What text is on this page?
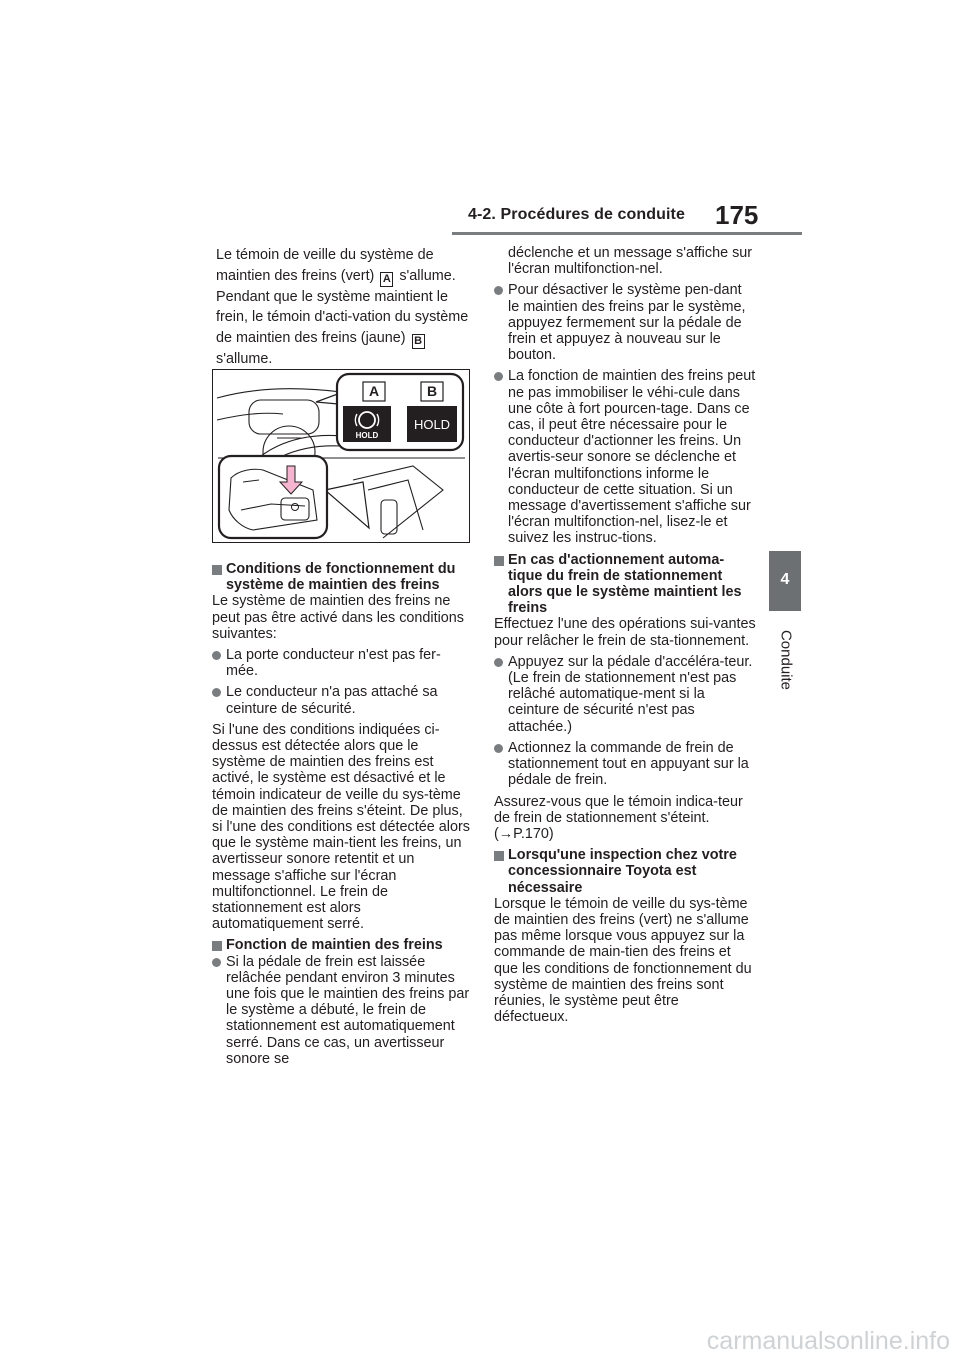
4-2. Procédures de conduite 175
4
Conduite

Le témoin de veille du système de maintien des freins (vert) A s'allume. Pendant que le système maintient le frein, le témoin d'acti-vation du système de maintien des freins (jaune) B s'allume.

A	B
HOLD
HOLD

Conditions de fonctionnement du système de maintien des freins

Le système de maintien des freins ne peut pas être activé dans les conditions suivantes:

La porte conducteur n'est pas fer-mée.

Le conducteur n'a pas attaché sa ceinture de sécurité.

Si l'une des conditions indiquées ci-dessus est détectée alors que le système de maintien des freins est activé, le système est désactivé et le témoin indicateur de veille du sys-tème de maintien des freins s'éteint. De plus, si l'une des conditions est détectée alors que le système main-tient les freins, un avertisseur sonore retentit et un message s'affiche sur l'écran multifonctionnel. Le frein de stationnement est alors automatiquement serré.

Fonction de maintien des freins

Si la pédale de frein est laissée relâchée pendant environ 3 minutes une fois que le maintien des freins par le système a débuté, le frein de stationnement est automatiquement serré. Dans ce cas, un avertisseur sonore se

déclenche et un message s'affiche sur l'écran multifonction-nel.

Pour désactiver le système pen-dant le maintien des freins par le système, appuyez fermement sur la pédale de frein et appuyez à nouveau sur le bouton.

La fonction de maintien des freins peut ne pas immobiliser le véhi-cule dans une côte à fort pourcen-tage. Dans ce cas, il peut être nécessaire pour le conducteur d'actionner les freins. Un avertis-seur sonore se déclenche et l'écran multifonctions informe le conducteur de cette situation. Si un message d'avertissement s'affiche sur l'écran multifonction-nel, lisez-le et suivez les instruc-tions.

En cas d'actionnement automa-tique du frein de stationnement alors que le système maintient les freins

Effectuez l'une des opérations sui-vantes pour relâcher le frein de sta-tionnement.

Appuyez sur la pédale d'accéléra-teur. (Le frein de stationnement n'est pas relâché automatique-ment si la ceinture de sécurité n'est pas attachée.)

Actionnez la commande de frein de stationnement tout en appuyant sur la pédale de frein.

Assurez-vous que le témoin indica-teur de frein de stationnement s'éteint. (→P.170)

Lorsqu'une inspection chez votre concessionnaire Toyota est nécessaire

Lorsque le témoin de veille du sys-tème de maintien des freins (vert) ne s'allume pas même lorsque vous appuyez sur la commande de main-tien des freins et que les conditions de fonctionnement du système de maintien des freins sont réunies, le système peut être défectueux.

carmanualsonline.info
